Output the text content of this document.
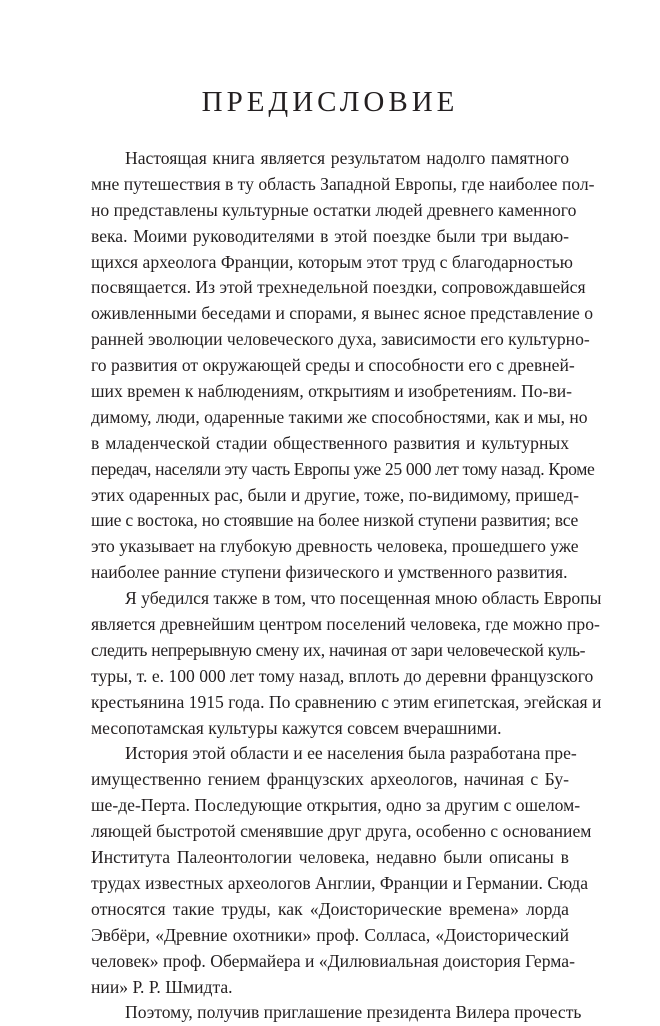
ПРЕДИСЛОВИЕ
Настоящая книга является результатом надолго памятного
мне путешествия в ту область Западной Европы, где наиболее пол-
но представлены культурные остатки людей древнего каменного
века. Моими руководителями в этой поездке были три выдаю-
щихся археолога Франции, которым этот труд с благодарностью
посвящается. Из этой трехнедельной поездки, сопровождавшейся
оживленными беседами и спорами, я вынес ясное представление о
ранней эволюции человеческого духа, зависимости его культурно-
го развития от окружающей среды и способности его с древней-
ших времен к наблюдениям, открытиям и изобретениям. По-ви-
димому, люди, одаренные такими же способностями, как и мы, но
в младенческой стадии общественного развития и культурных
передач, населяли эту часть Европы уже 25 000 лет тому назад. Кроме
этих одаренных рас, были и другие, тоже, по-видимому, пришед-
шие с востока, но стоявшие на более низкой ступени развития; все
это указывает на глубокую древность человека, прошедшего уже
наиболее ранние ступени физического и умственного развития.
Я убедился также в том, что посещенная мною область Европы
является древнейшим центром поселений человека, где можно про-
следить непрерывную смену их, начиная от зари человеческой куль-
туры, т. е. 100 000 лет тому назад, вплоть до деревни французского
крестьянина 1915 года. По сравнению с этим египетская, эгейская и
месопотамская культуры кажутся совсем вчерашними.
История этой области и ее населения была разработана пре-
имущественно гением французских археологов, начиная с Бу-
ше-де-Перта. Последующие открытия, одно за другим с ошелом-
ляющей быстротой сменявшие друг друга, особенно с основанием
Института Палеонтологии человека, недавно были описаны в
трудах известных археологов Англии, Франции и Германии. Сюда
относятся такие труды, как «Доисторические времена» лорда
Эвбёри, «Древние охотники» проф. Солласа, «Доисторический
человек» проф. Обермайера и «Дилювиальная доистория Герма-
нии» Р. Р. Шмидта.
Поэтому, получив приглашение президента Вилера прочесть
